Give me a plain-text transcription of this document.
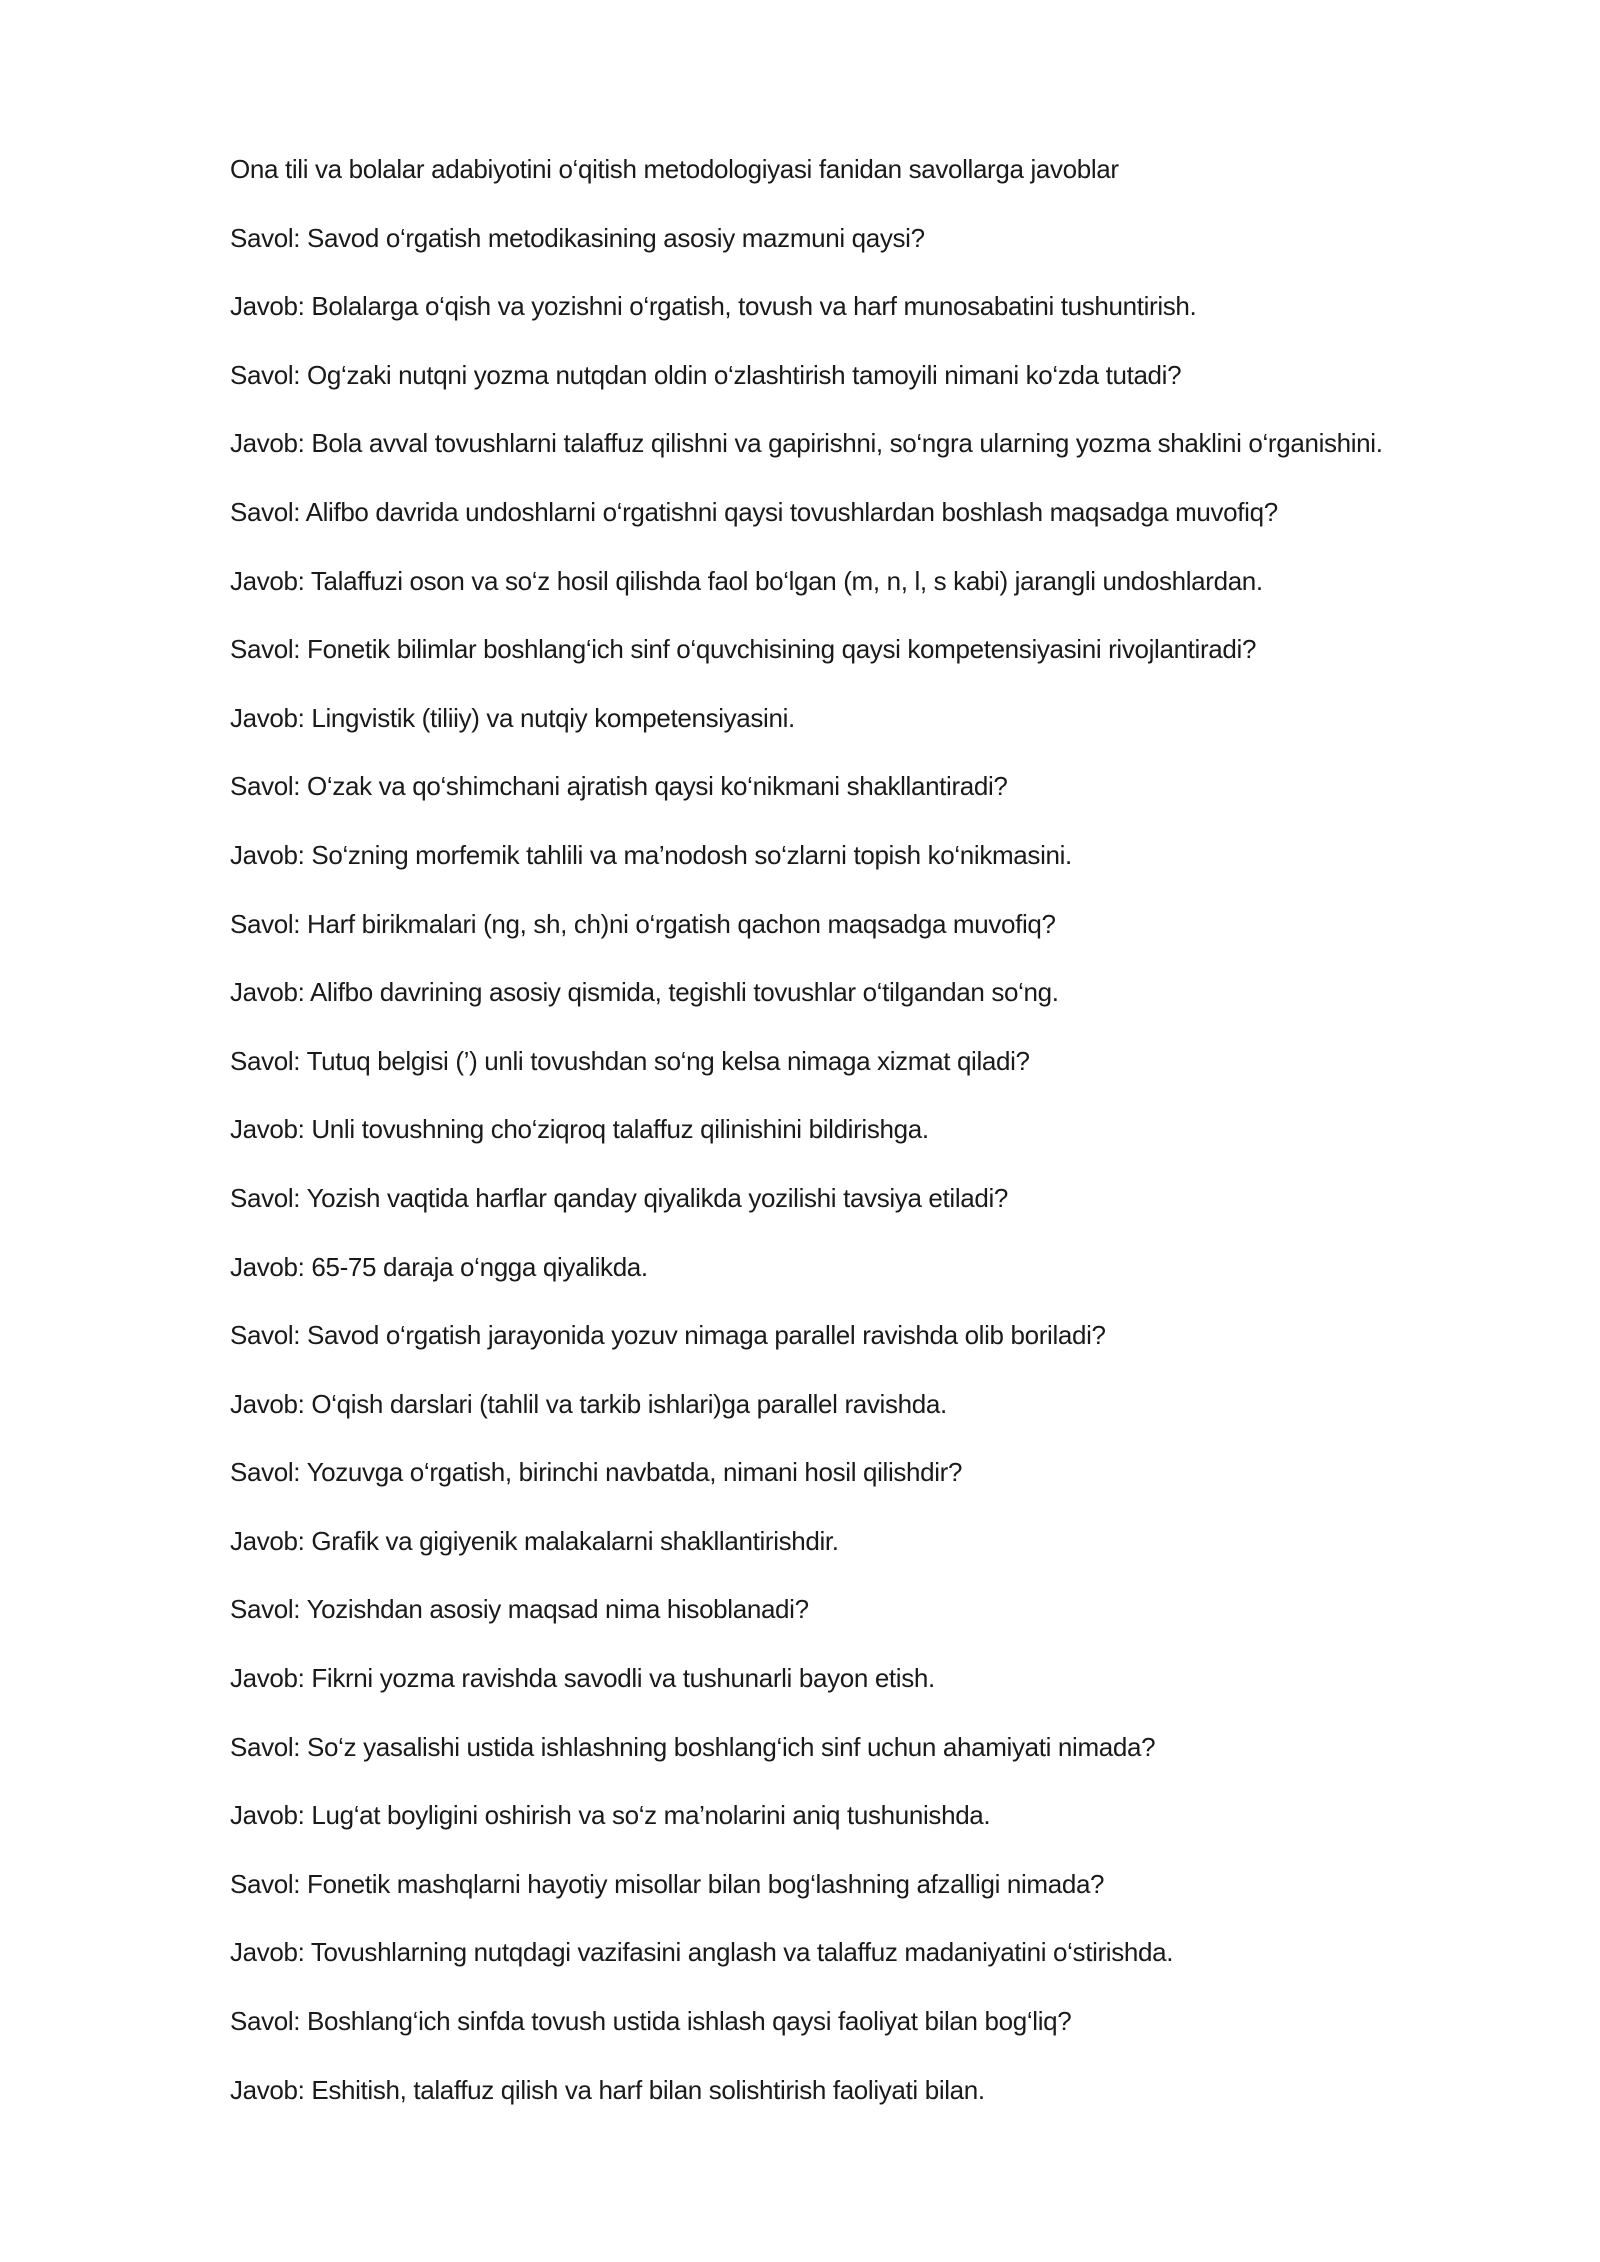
Ona tili va bolalar adabiyotini o‘qitish metodologiyasi fanidan savollarga javoblar
Savol: Savod o‘rgatish metodikasining asosiy mazmuni qaysi?
Javob: Bolalarga o‘qish va yozishni o‘rgatish, tovush va harf munosabatini tushuntirish.
Savol: Og‘zaki nutqni yozma nutqdan oldin o‘zlashtirish tamoyili nimani ko‘zda tutadi?
Javob: Bola avval tovushlarni talaffuz qilishni va gapirishni, so‘ngra ularning yozma shaklini o‘rganishini.
Savol: Alifbo davrida undoshlarni o‘rgatishni qaysi tovushlardan boshlash maqsadga muvofiq?
Javob: Talaffuzi oson va so‘z hosil qilishda faol bo‘lgan (m, n, l, s kabi) jarangli undoshlardan.
Savol: Fonetik bilimlar boshlang‘ich sinf o‘quvchisining qaysi kompetensiyasini rivojlantiradi?
Javob: Lingvistik (tiliiy) va nutqiy kompetensiyasini.
Savol: O‘zak va qo‘shimchani ajratish qaysi ko‘nikmani shakllantiradi?
Javob: So‘zning morfemik tahlili va ma’nodosh so‘zlarni topish ko‘nikmasini.
Savol: Harf birikmalari (ng, sh, ch)ni o‘rgatish qachon maqsadga muvofiq?
Javob: Alifbo davrining asosiy qismida, tegishli tovushlar o‘tilgandan so‘ng.
Savol: Tutuq belgisi (’) unli tovushdan so‘ng kelsa nimaga xizmat qiladi?
Javob: Unli tovushning cho‘ziqroq talaffuz qilinishini bildirishga.
Savol: Yozish vaqtida harflar qanday qiyalikda yozilishi tavsiya etiladi?
Javob: 65-75 daraja o‘ngga qiyalikda.
Savol: Savod o‘rgatish jarayonida yozuv nimaga parallel ravishda olib boriladi?
Javob: O‘qish darslari (tahlil va tarkib ishlari)ga parallel ravishda.
Savol: Yozuvga o‘rgatish, birinchi navbatda, nimani hosil qilishdir?
Javob: Grafik va gigiyenik malakalarni shakllantirishdir.
Savol: Yozishdan asosiy maqsad nima hisoblanadi?
Javob: Fikrni yozma ravishda savodli va tushunarli bayon etish.
Savol: So‘z yasalishi ustida ishlashning boshlang‘ich sinf uchun ahamiyati nimada?
Javob: Lug‘at boyligini oshirish va so‘z ma’nolarini aniq tushunishda.
Savol: Fonetik mashqlarni hayotiy misollar bilan bog‘lashning afzalligi nimada?
Javob: Tovushlarning nutqdagi vazifasini anglash va talaffuz madaniyatini o‘stirishda.
Savol: Boshlang‘ich sinfda tovush ustida ishlash qaysi faoliyat bilan bog‘liq?
Javob: Eshitish, talaffuz qilish va harf bilan solishtirish faoliyati bilan.
